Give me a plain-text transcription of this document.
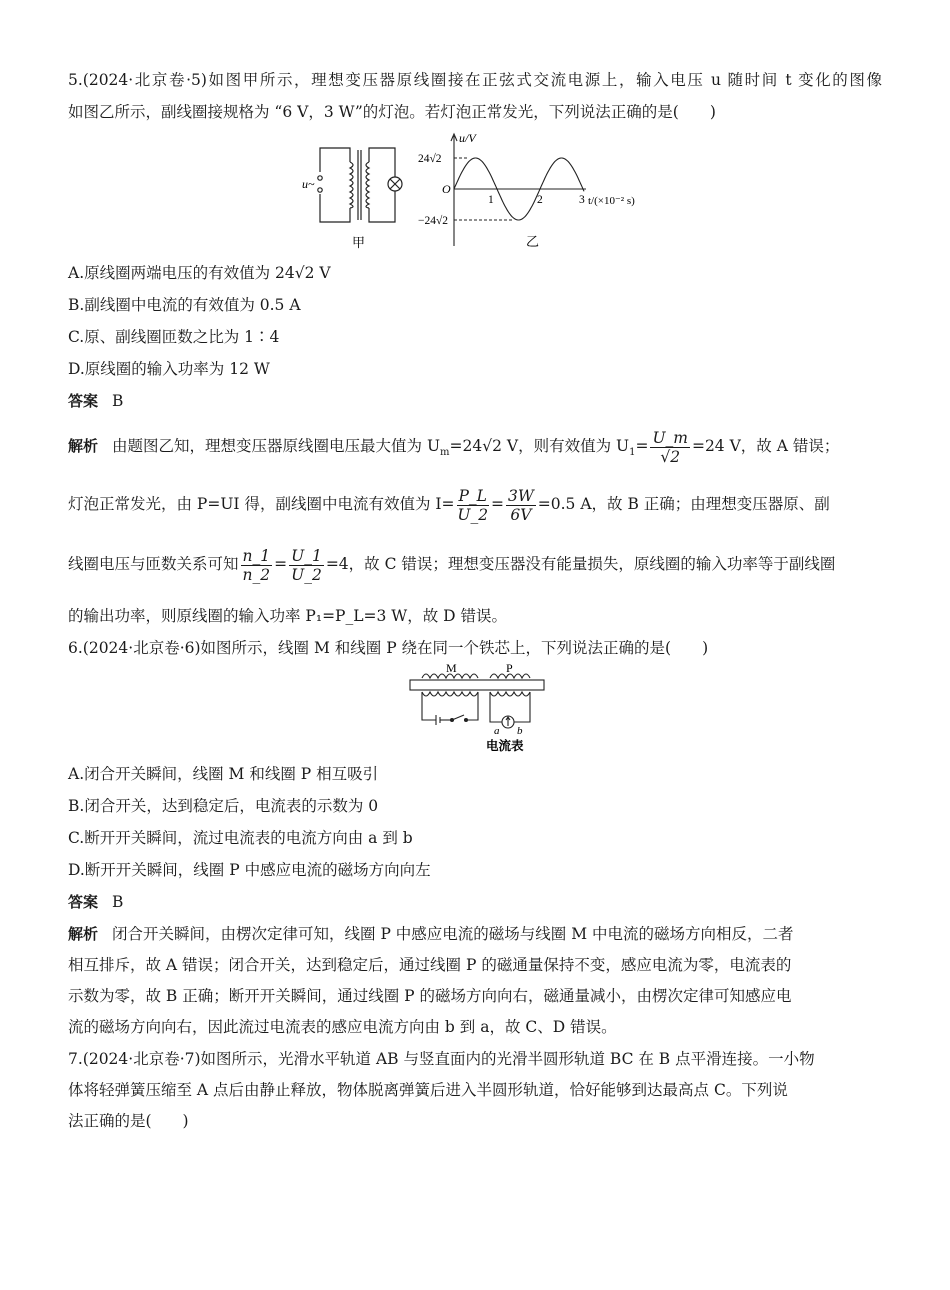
5.(2024·北京卷·5)如图甲所示，理想变压器原线圈接在正弦式交流电源上，输入电压 u 随时间 t 变化的图像
如图乙所示，副线圈接规格为 “6 V，3 W”的灯泡。若灯泡正常发光，下列说法正确的是(　　)
u~
甲
u/V
24√2
−24√2
O
1	2	3 t/(×10⁻² s)
乙
A.原线圈两端电压的有效值为 24√2 V
B.副线圈中电流的有效值为 0.5 A
C.原、副线圈匝数之比为 1∶4
D.原线圈的输入功率为 12 W
答案 B
解析 由题图乙知，理想变压器原线圈电压最大值为 $U_m=24√2$ V，则有效值为 $U_1= \frac{U\_m}{√2} =24$ V，故 A 错误；
灯泡正常发光，由 P=UI 得，副线圈中电流有效值为 $I= \frac{P\_L}{U\_2} = \frac{3W}{6V} =0.5$ A，故 B 正确；由理想变压器原、副
线圈电压与匝数关系可知 $\frac{n\_1}{n\_2} = \frac{U\_1}{U\_2} =4$，故 C 错误；理想变压器没有能量损失，原线圈的输入功率等于副线圈
的输出功率，则原线圈的输入功率 P₁=P_L=3 W，故 D 错误。
6.(2024·北京卷·6)如图所示，线圈 M 和线圈 P 绕在同一个铁芯上，下列说法正确的是(　　)
M	P
a b
电流表
A.闭合开关瞬间，线圈 M 和线圈 P 相互吸引
B.闭合开关，达到稳定后，电流表的示数为 0
C.断开开关瞬间，流过电流表的电流方向由 a 到 b
D.断开开关瞬间，线圈 P 中感应电流的磁场方向向左
答案 B
解析 闭合开关瞬间，由楞次定律可知，线圈 P 中感应电流的磁场与线圈 M 中电流的磁场方向相反，二者
相互排斥，故 A 错误；闭合开关，达到稳定后，通过线圈 P 的磁通量保持不变，感应电流为零，电流表的
示数为零，故 B 正确；断开开关瞬间，通过线圈 P 的磁场方向向右，磁通量减小，由楞次定律可知感应电
流的磁场方向向右，因此流过电流表的感应电流方向由 b 到 a，故 C、D 错误。
7.(2024·北京卷·7)如图所示，光滑水平轨道 AB 与竖直面内的光滑半圆形轨道 BC 在 B 点平滑连接。一小物
体将轻弹簧压缩至 A 点后由静止释放，物体脱离弹簧后进入半圆形轨道，恰好能够到达最高点 C。下列说
法正确的是(　　)
